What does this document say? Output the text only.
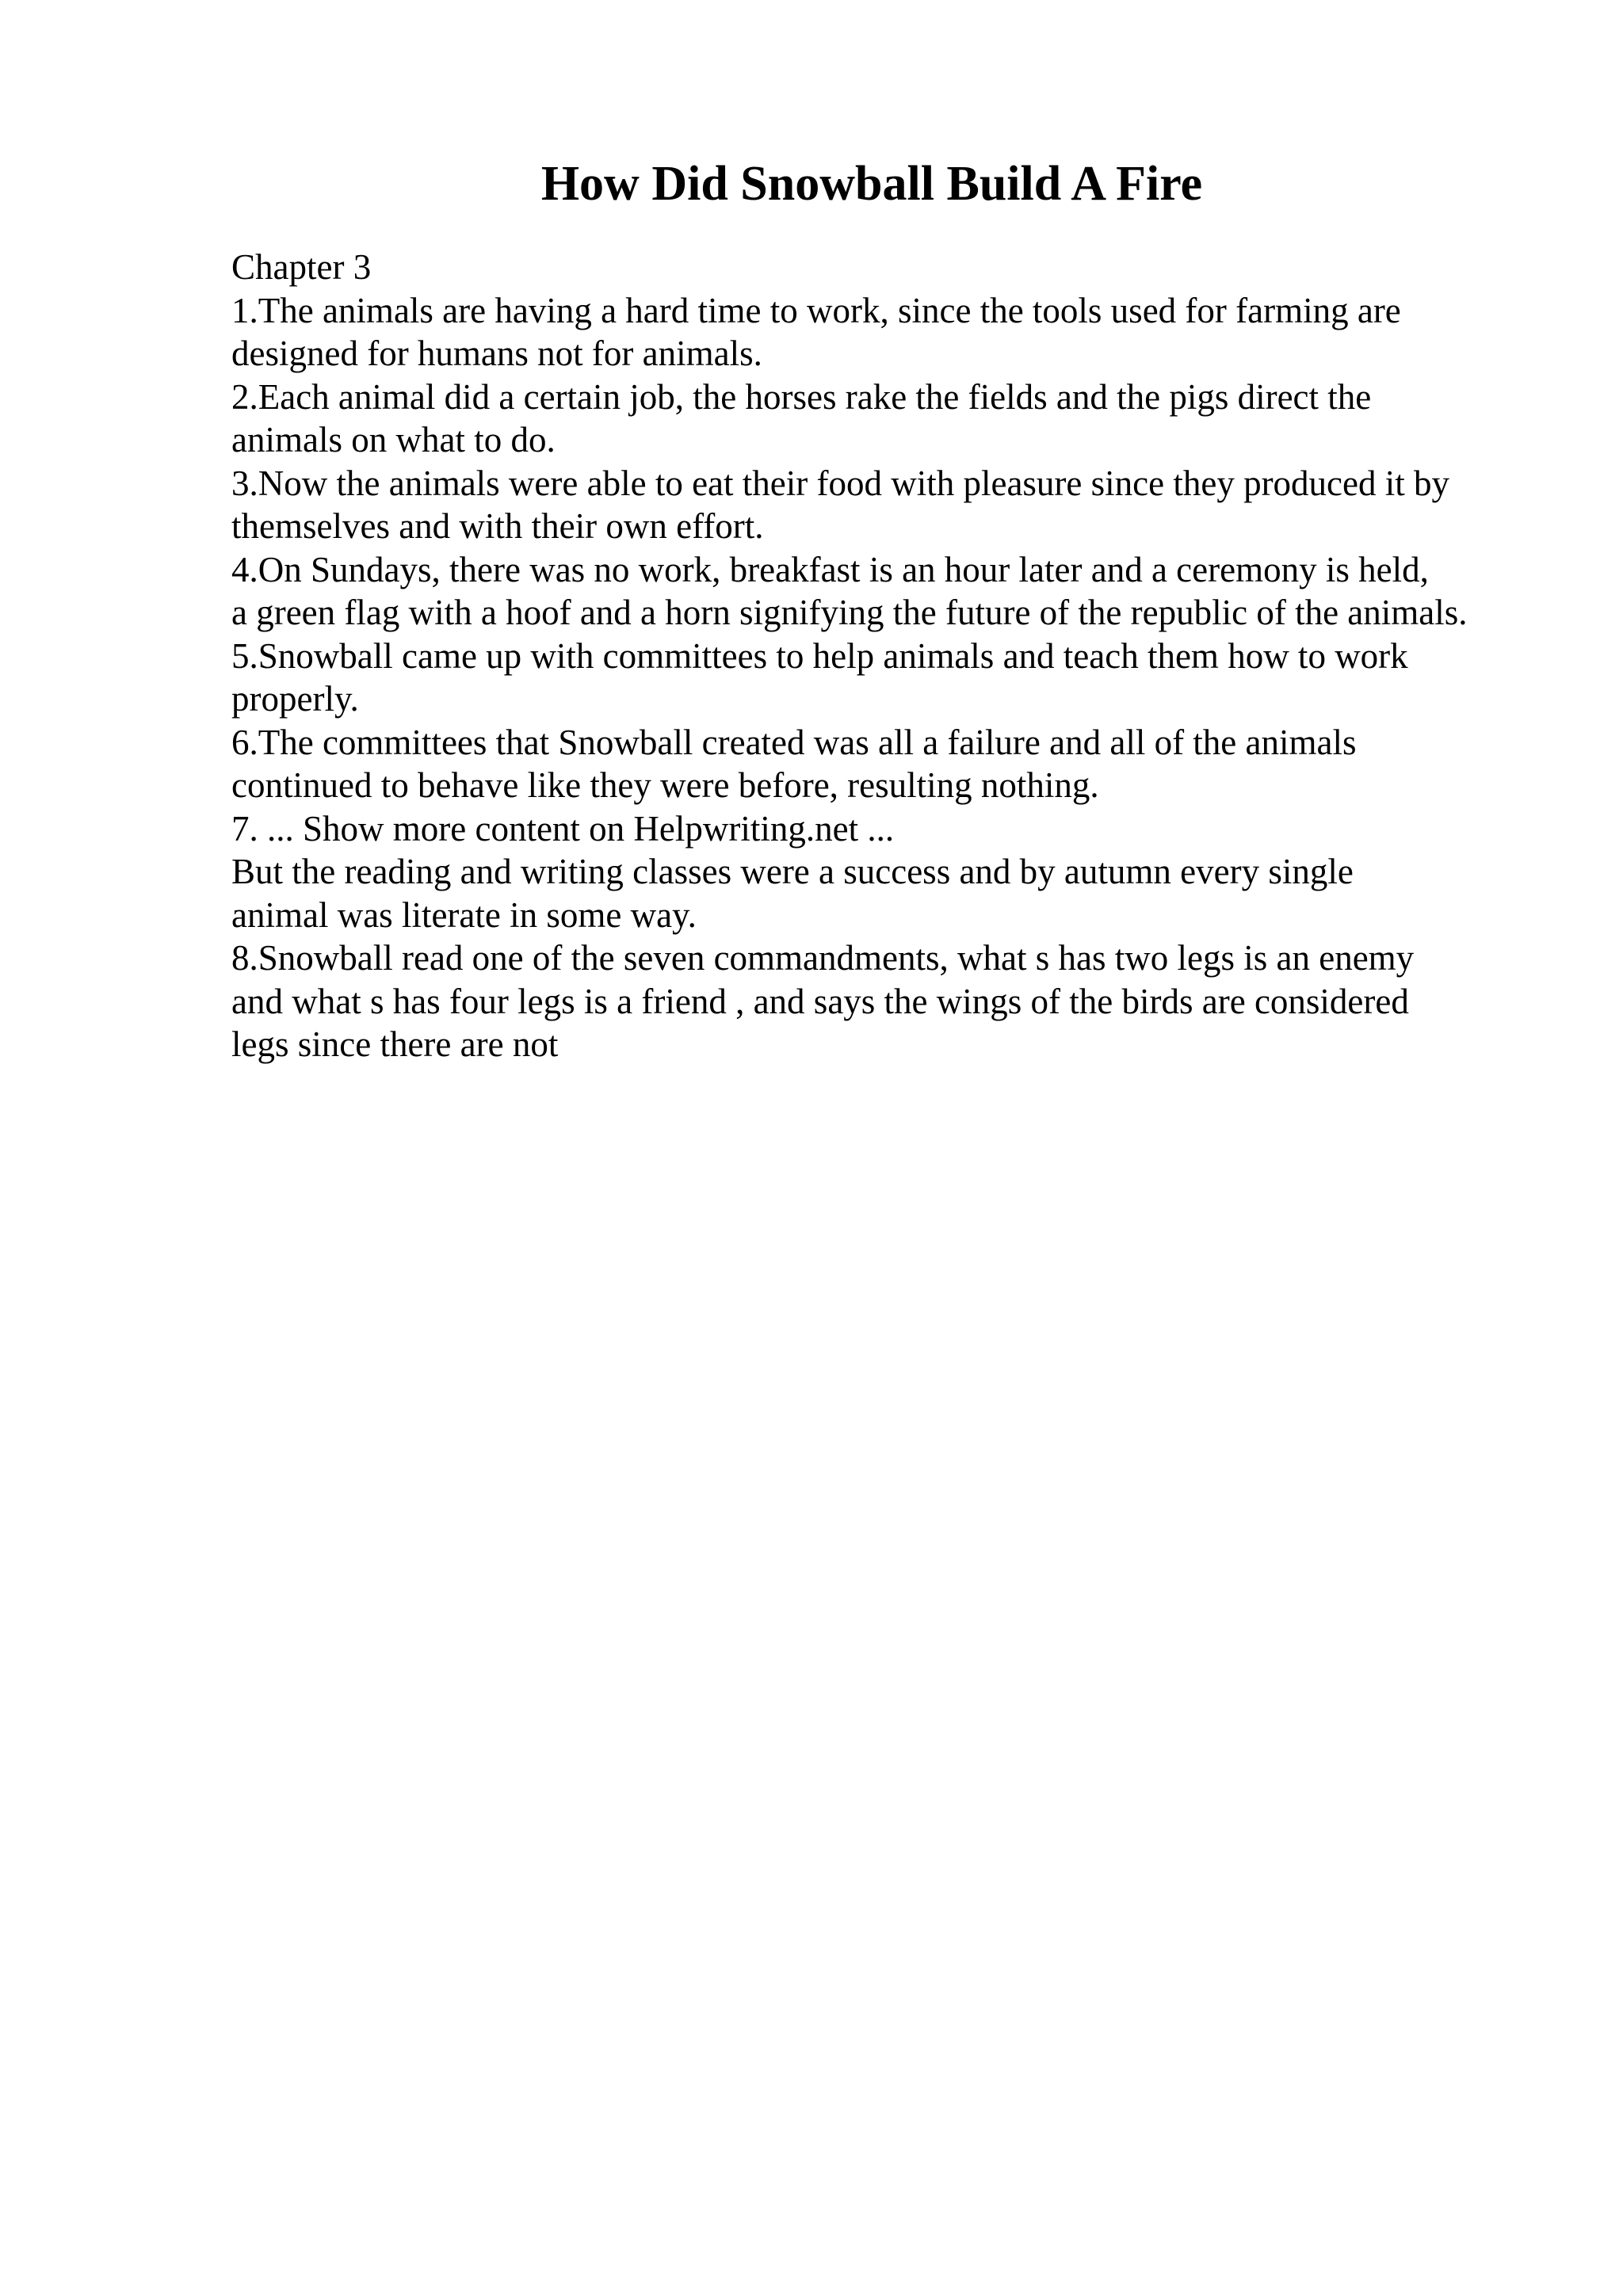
How Did Snowball Build A Fire
Chapter 3
1.The animals are having a hard time to work, since the tools used for farming are
designed for humans not for animals.
2.Each animal did a certain job, the horses rake the fields and the pigs direct the
animals on what to do.
3.Now the animals were able to eat their food with pleasure since they produced it by
themselves and with their own effort.
4.On Sundays, there was no work, breakfast is an hour later and a ceremony is held,
a green flag with a hoof and a horn signifying the future of the republic of the animals.
5.Snowball came up with committees to help animals and teach them how to work
properly.
6.The committees that Snowball created was all a failure and all of the animals
continued to behave like they were before, resulting nothing.
7. ... Show more content on Helpwriting.net ...
But the reading and writing classes were a success and by autumn every single
animal was literate in some way.
8.Snowball read one of the seven commandments, what s has two legs is an enemy
and what s has four legs is a friend , and says the wings of the birds are considered
legs since there are not
